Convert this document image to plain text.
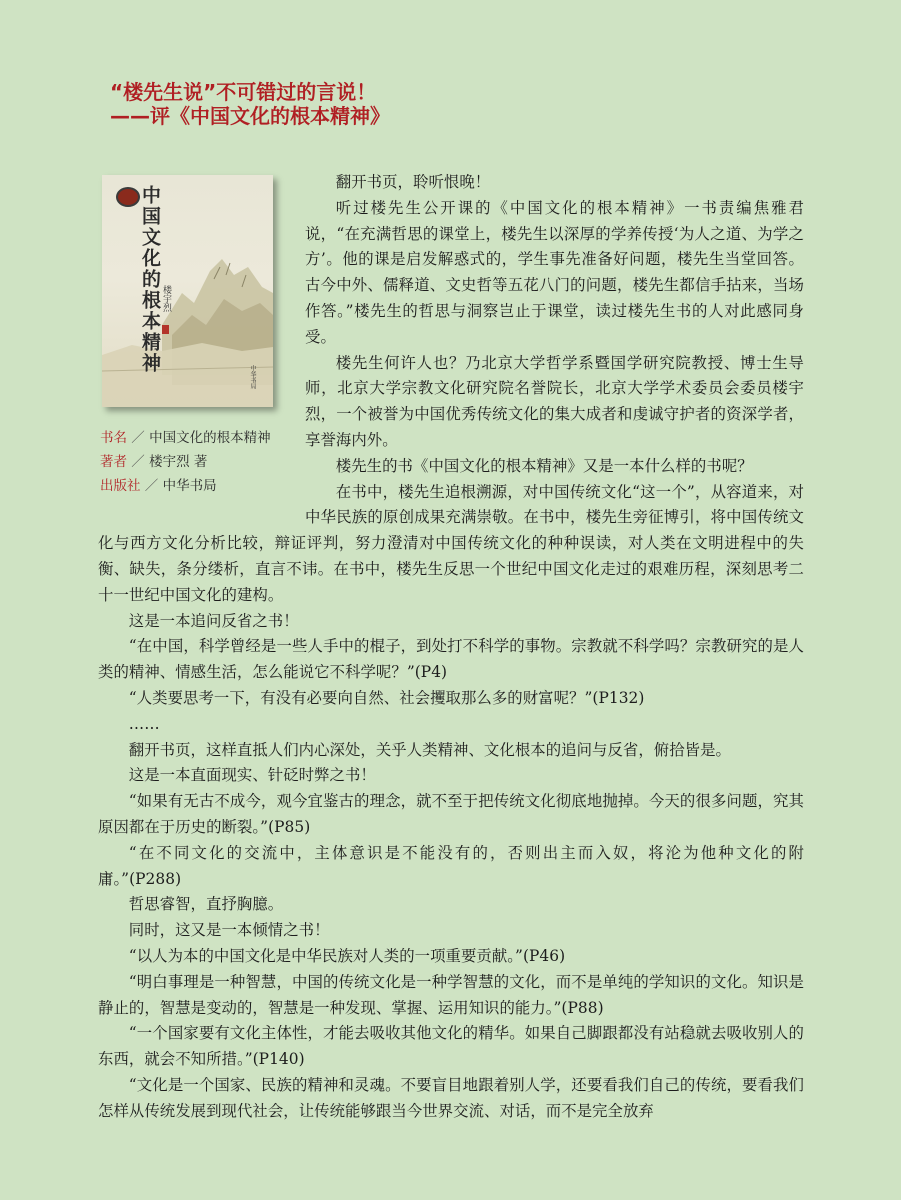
“楼先生说”不可错过的言说！
——评《中国文化的根本精神》
中国文化的根本精神 楼宇烈
中华书局
书名 ／ 中国文化的根本精神
著者 ／ 楼宇烈 著
出版社 ／ 中华书局

翻开书页，聆听恨晚！

听过楼先生公开课的《中国文化的根本精神》一书责编焦雅君说，“在充满哲思的课堂上，楼先生以深厚的学养传授‘为人之道、为学之方’。他的课是启发解惑式的，学生事先准备好问题，楼先生当堂回答。古今中外、儒释道、文史哲等五花八门的问题，楼先生都信手拈来，当场作答。”楼先生的哲思与洞察岂止于课堂，读过楼先生书的人对此感同身受。

楼先生何许人也？乃北京大学哲学系暨国学研究院教授、博士生导师，北京大学宗教文化研究院名誉院长，北京大学学术委员会委员楼宇烈，一个被誉为中国优秀传统文化的集大成者和虔诚守护者的资深学者，享誉海内外。

楼先生的书《中国文化的根本精神》又是一本什么样的书呢？

在书中，楼先生追根溯源，对中国传统文化“这一个”，从容道来，对中华民族的原创成果充满崇敬。在书中，楼先生旁征博引，将中国传统文化与西方文化分析比较，辩证评判，努力澄清对中国传统文化的种种误读，对人类在文明进程中的失衡、缺失，条分缕析，直言不讳。在书中，楼先生反思一个世纪中国文化走过的艰难历程，深刻思考二十一世纪中国文化的建构。

这是一本追问反省之书！

“在中国，科学曾经是一些人手中的棍子，到处打不科学的事物。宗教就不科学吗？宗教研究的是人类的精神、情感生活，怎么能说它不科学呢？”(P4)

“人类要思考一下，有没有必要向自然、社会攫取那么多的财富呢？”(P132)

……

翻开书页，这样直抵人们内心深处，关乎人类精神、文化根本的追问与反省，俯拾皆是。

这是一本直面现实、针砭时弊之书！

“如果有无古不成今，观今宜鉴古的理念，就不至于把传统文化彻底地抛掉。今天的很多问题，究其原因都在于历史的断裂。”(P85)

“在不同文化的交流中，主体意识是不能没有的，否则出主而入奴，将沦为他种文化的附庸。”(P288)

哲思睿智，直抒胸臆。

同时，这又是一本倾情之书！

“以人为本的中国文化是中华民族对人类的一项重要贡献。”(P46)

“明白事理是一种智慧，中国的传统文化是一种学智慧的文化，而不是单纯的学知识的文化。知识是静止的，智慧是变动的，智慧是一种发现、掌握、运用知识的能力。”(P88)

“一个国家要有文化主体性，才能去吸收其他文化的精华。如果自己脚跟都没有站稳就去吸收别人的东西，就会不知所措。”(P140)

“文化是一个国家、民族的精神和灵魂。不要盲目地跟着别人学，还要看我们自己的传统，要看我们怎样从传统发展到现代社会，让传统能够跟当今世界交流、对话，而不是完全放弃
